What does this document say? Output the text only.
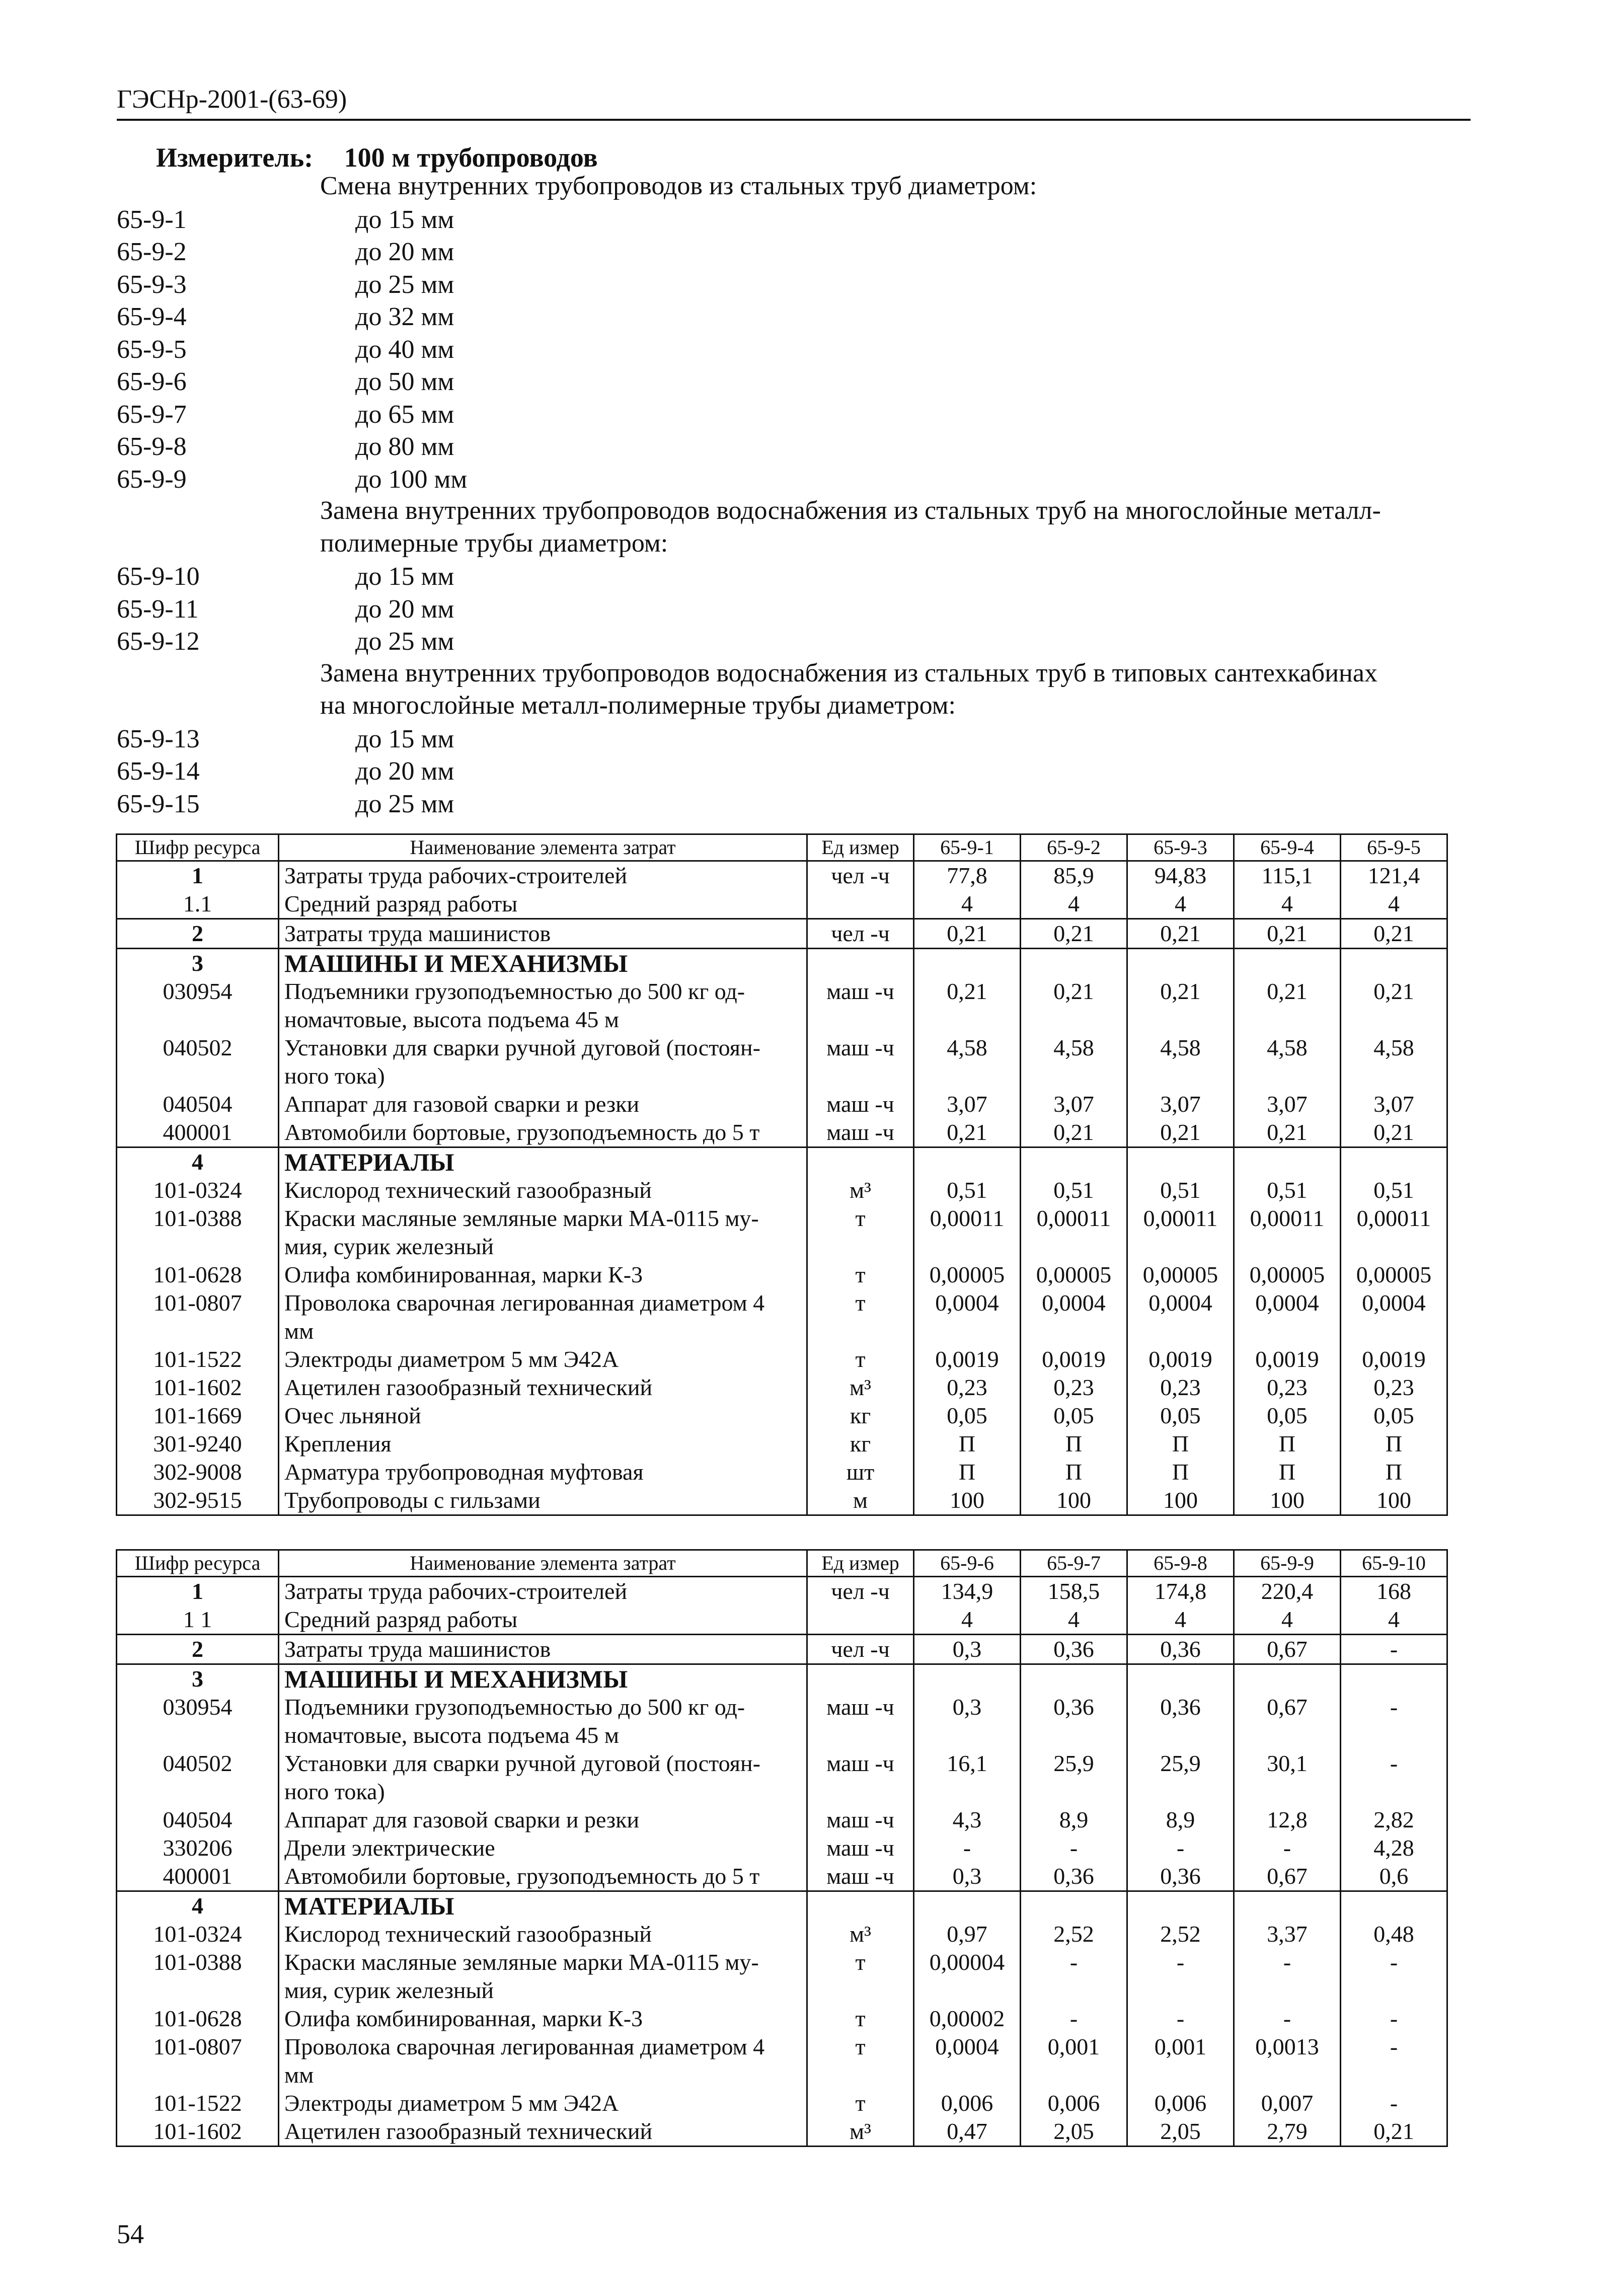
ГЭСНр-2001-(63-69)
Измеритель: 100 м трубопроводов
Смена внутренних трубопроводов из стальных труб диаметром:
65-9-1	до 15 мм
65-9-2	до 20 мм
65-9-3	до 25 мм
65-9-4	до 32 мм
65-9-5	до 40 мм
65-9-6	до 50 мм
65-9-7	до 65 мм
65-9-8	до 80 мм
65-9-9	до 100 мм
Замена внутренних трубопроводов водоснабжения из стальных труб на многослойные металл-
полимерные трубы диаметром:
65-9-10	до 15 мм
65-9-11	до 20 мм
65-9-12	до 25 мм
Замена внутренних трубопроводов водоснабжения из стальных труб в типовых сантехкабинах
на многослойные металл-полимерные трубы диаметром:
65-9-13	до 15 мм
65-9-14	до 20 мм
65-9-15	до 25 мм
Шифр ресурса	Наименование элемента затрат	Ед измер	65-9-1	65-9-2	65-9-3	65-9-4	65-9-5
1	Затраты труда рабочих-строителей	чел -ч	77,8	85,9	94,83	115,1	121,4
1.1	Средний разряд работы		4	4	4	4	4
2	Затраты труда машинистов	чел -ч	0,21	0,21	0,21	0,21	0,21
3	МАШИНЫ И МЕХАНИЗМЫ						

030954	Подъемники грузоподъемностью до 500 кг од-
номачтовые, высота подъема 45 м	маш -ч	0,21	0,21	0,21	0,21	0,21
040502	Установки для сварки ручной дуговой (постоян-
ного тока)	маш -ч	4,58	4,58	4,58	4,58	4,58
040504	Аппарат для газовой сварки и резки	маш -ч	3,07	3,07	3,07	3,07	3,07
400001	Автомобили бортовые, грузоподъемность до 5 т	маш -ч	0,21	0,21	0,21	0,21	0,21
4	МАТЕРИАЛЫ						

101-0324	Кислород технический газообразный	м³	0,51	0,51	0,51	0,51	0,51
101-0388	Краски масляные земляные марки МА-0115 му-
мия, сурик железный	т	0,00011	0,00011	0,00011	0,00011	0,00011
101-0628	Олифа комбинированная, марки К-3	т	0,00005	0,00005	0,00005	0,00005	0,00005
101-0807	Проволока сварочная легированная диаметром 4
мм	т	0,0004	0,0004	0,0004	0,0004	0,0004
101-1522	Электроды диаметром 5 мм Э42А	т	0,0019	0,0019	0,0019	0,0019	0,0019
101-1602	Ацетилен газообразный технический	м³	0,23	0,23	0,23	0,23	0,23
101-1669	Очес льняной	кг	0,05	0,05	0,05	0,05	0,05
301-9240	Крепления	кг	П	П	П	П	П
302-9008	Арматура трубопроводная муфтовая	шт	П	П	П	П	П
302-9515	Трубопроводы с гильзами	м	100	100	100	100	100
Шифр ресурса	Наименование элемента затрат	Ед измер	65-9-6	65-9-7	65-9-8	65-9-9	65-9-10
1	Затраты труда рабочих-строителей	чел -ч	134,9	158,5	174,8	220,4	168
1 1	Средний разряд работы		4	4	4	4	4
2	Затраты труда машинистов	чел -ч	0,3	0,36	0,36	0,67	-
3	МАШИНЫ И МЕХАНИЗМЫ						

030954	Подъемники грузоподъемностью до 500 кг од-
номачтовые, высота подъема 45 м	маш -ч	0,3	0,36	0,36	0,67	-
040502	Установки для сварки ручной дуговой (постоян-
ного тока)	маш -ч	16,1	25,9	25,9	30,1	-
040504	Аппарат для газовой сварки и резки	маш -ч	4,3	8,9	8,9	12,8	2,82
330206	Дрели электрические	маш -ч	-	-	-	-	4,28
400001	Автомобили бортовые, грузоподъемность до 5 т	маш -ч	0,3	0,36	0,36	0,67	0,6
4	МАТЕРИАЛЫ						

101-0324	Кислород технический газообразный	м³	0,97	2,52	2,52	3,37	0,48
101-0388	Краски масляные земляные марки МА-0115 му-
мия, сурик железный	т	0,00004	-	-	-	-
101-0628	Олифа комбинированная, марки К-3	т	0,00002	-	-	-	-
101-0807	Проволока сварочная легированная диаметром 4
мм	т	0,0004	0,001	0,001	0,0013	-
101-1522	Электроды диаметром 5 мм Э42А	т	0,006	0,006	0,006	0,007	-
101-1602	Ацетилен газообразный технический	м³	0,47	2,05	2,05	2,79	0,21
54
